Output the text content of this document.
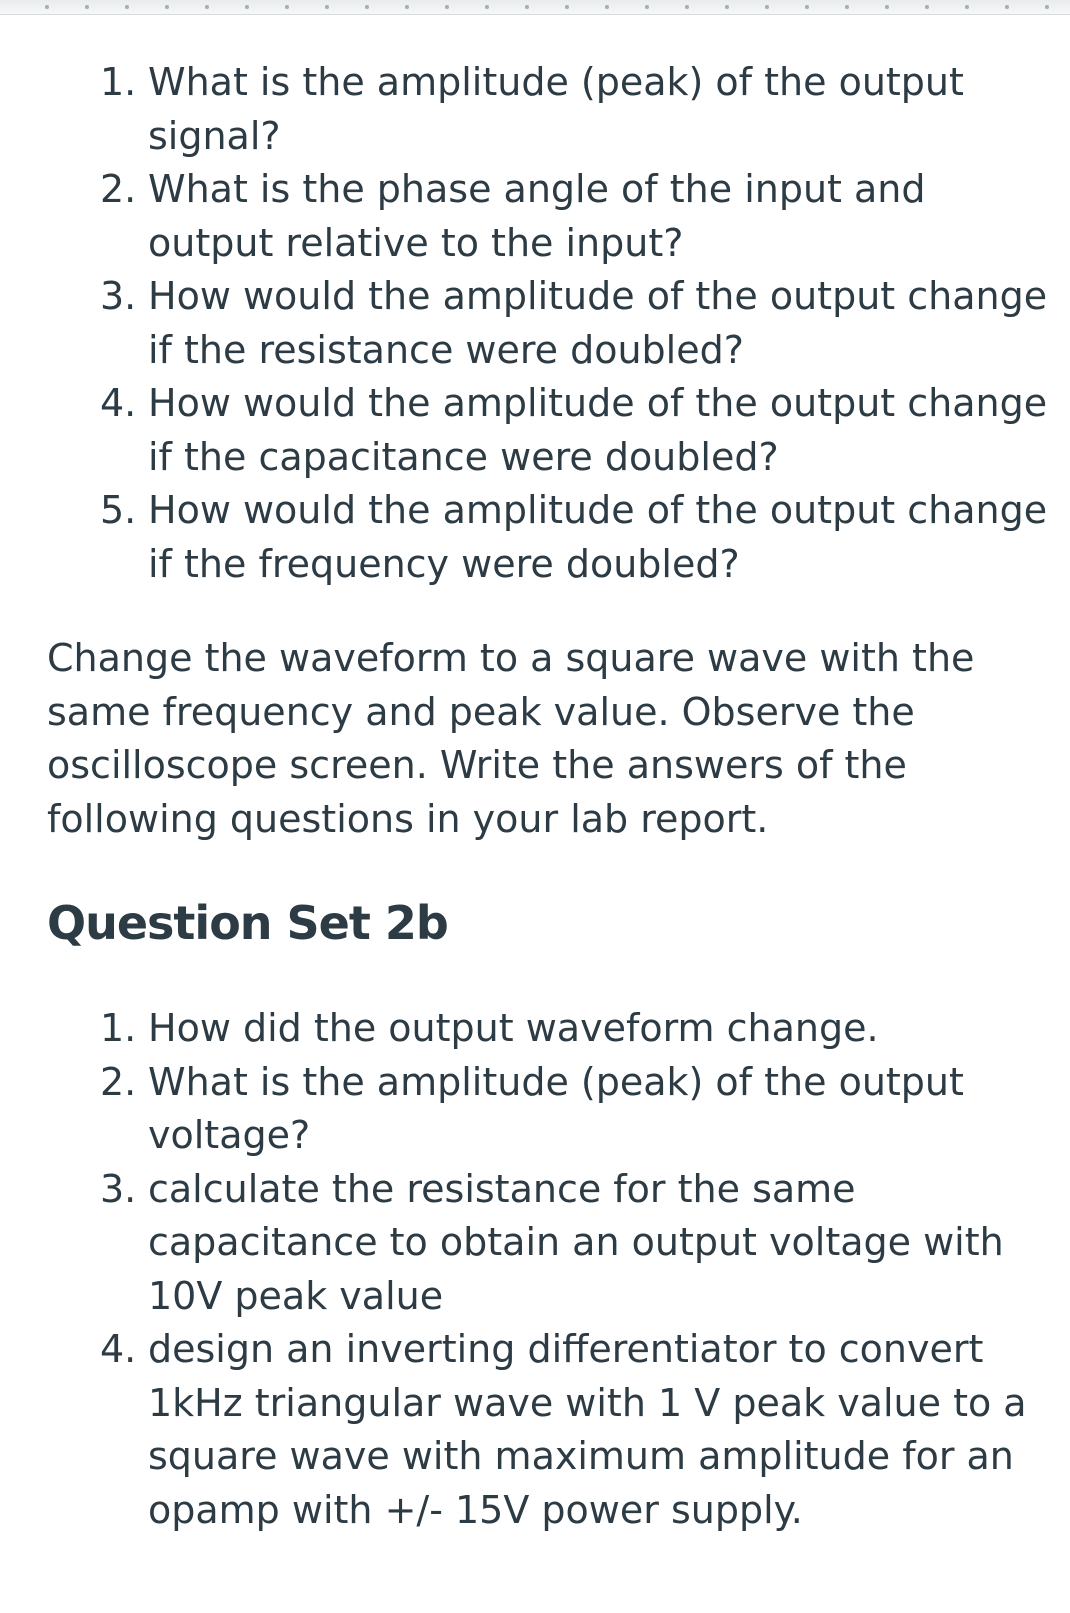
1. What is the amplitude (peak) of the output signal?
2. What is the phase angle of the input and output relative to the input?
3. How would the amplitude of the output change if the resistance were doubled?
4. How would the amplitude of the output change if the capacitance were doubled?
5. How would the amplitude of the output change if the frequency were doubled?

Change the waveform to a square wave with the same frequency and peak value. Observe the oscilloscope screen. Write the answers of the following questions in your lab report.

Question Set 2b
1. How did the output waveform change.
2. What is the amplitude (peak) of the output voltage?
3. calculate the resistance for the same capacitance to obtain an output voltage with 10V peak value
4. design an inverting differentiator to convert 1kHz triangular wave with 1 V peak value to a square wave with maximum amplitude for an opamp with +/- 15V power supply.
